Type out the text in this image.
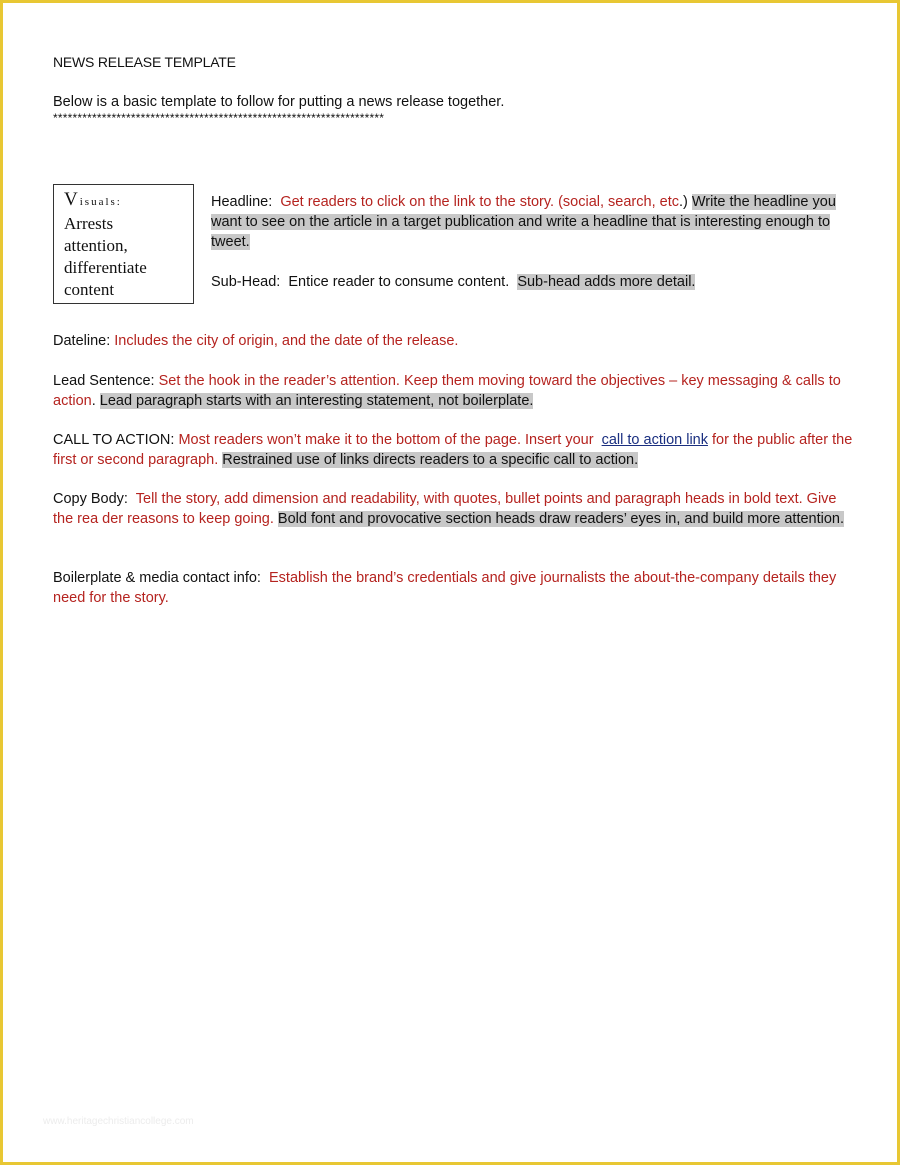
NEWS RELEASE TEMPLATE
Below is a basic template to follow for putting a news release together.
********************************************************************
Visuals:
Arrests
attention,
differentiate
content
Headline: Get readers to click on the link to the story. (social, search, etc.) Write the headline you want to see on the article in a target publication and write a headline that is interesting enough to tweet.
Sub-Head: Entice reader to consume content. Sub-head adds more detail.
Dateline: Includes the city of origin, and the date of the release.
Lead Sentence: Set the hook in the reader’s attention. Keep them moving toward the objectives – key messaging & calls to action. Lead paragraph starts with an interesting statement, not boilerplate.
CALL TO ACTION: Most readers won’t make it to the bottom of the page. Insert your call to action link for the public after the first or second paragraph. Restrained use of links directs readers to a specific call to action.
Copy Body: Tell the story, add dimension and readability, with quotes, bullet points and paragraph heads in bold text. Give the rea der reasons to keep going. Bold font and provocative section heads draw readers’ eyes in, and build more attention.
Boilerplate & media contact info: Establish the brand’s credentials and give journalists the about-the-company details they need for the story.
www.heritagechristiancollege.com
